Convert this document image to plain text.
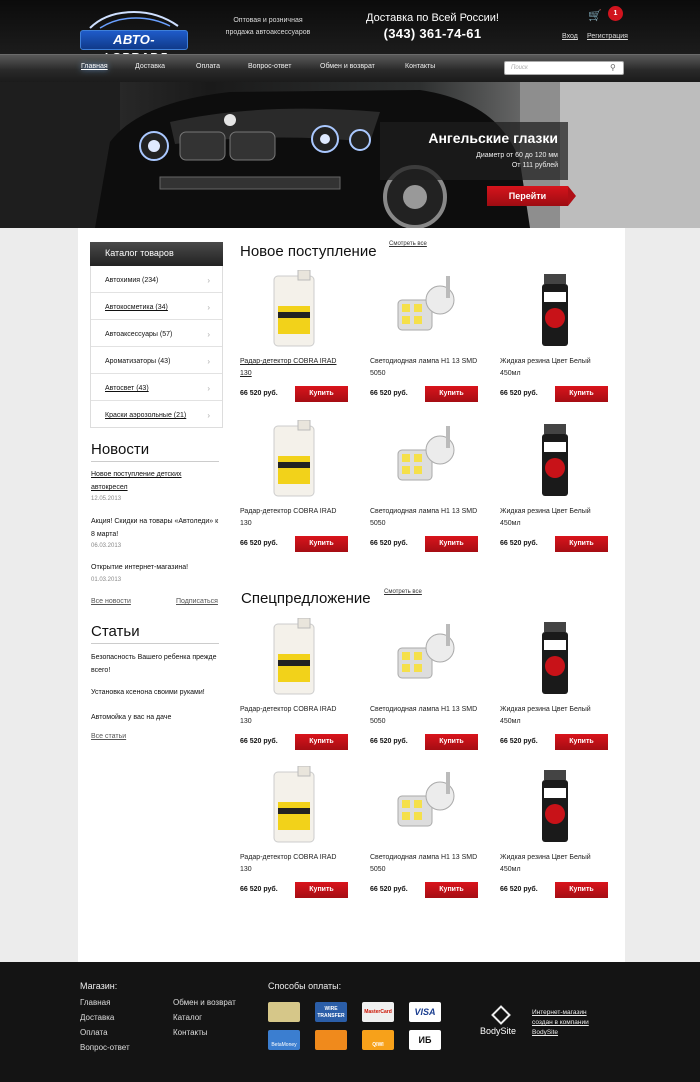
АВТО-
Оптовая и розничная продажа автоаксессуаров
Доставка по Всей России!
(343) 361-74-61
🛒	1
Вход Регистрация
Главная	Доставка	Оплата	Вопрос-ответ	Обмен и возврат	Контакты	Поиск	⚲
Ангельские глазки
Диаметр от 60 до 120 мм
От 111 рублей
Перейти
Каталог товаров
Автохимия (234)	›
Автокосметика (34)	›
Автоаксессуары (57)	›
Ароматизаторы (43)	›
Автосвет (43)	›
Краски аэрозольные (21)	›
Новости
Новое поступление детских автокресел
12.05.2013
Акция! Скидки на товары «Автоледи» к 8 марта!
06.03.2013
Открытие интернет-магазина!
01.03.2013
Все новости	Подписаться
Статьи
Безопасность Вашего ребенка прежде всего!
Установка ксенона своими руками!
Автомойка у вас на даче
Все статьи
Новое поступление Смотреть все
Спецпредложение Смотреть все
Радар-детектор COBRA IRAD 130
66 520 руб.	Купить
Светодиодная лампа H1 13 SMD 5050
66 520 руб.	Купить
Жидкая резина Цвет Белый 450мл
66 520 руб.	Купить
Радар-детектор COBRA IRAD 130
66 520 руб.	Купить
Светодиодная лампа H1 13 SMD 5050
66 520 руб.	Купить
Жидкая резина Цвет Белый 450мл
66 520 руб.	Купить
Радар-детектор COBRA IRAD 130
66 520 руб.	Купить
Светодиодная лампа H1 13 SMD 5050
66 520 руб.	Купить
Жидкая резина Цвет Белый 450мл
66 520 руб.	Купить
Радар-детектор COBRA IRAD 130
66 520 руб.	Купить
Светодиодная лампа H1 13 SMD 5050
66 520 руб.	Купить
Жидкая резина Цвет Белый 450мл
66 520 руб.	Купить
Магазин:
Главная
Доставка
Оплата
Вопрос-ответ
Обмен и возврат
Каталог
Контакты
Способы оплаты:
WIRE TRANSFER
MasterCard	VISA
BetaMoney	QIWI	ИБ
BodySite
Интернет-магазин создан в компании BodySite
